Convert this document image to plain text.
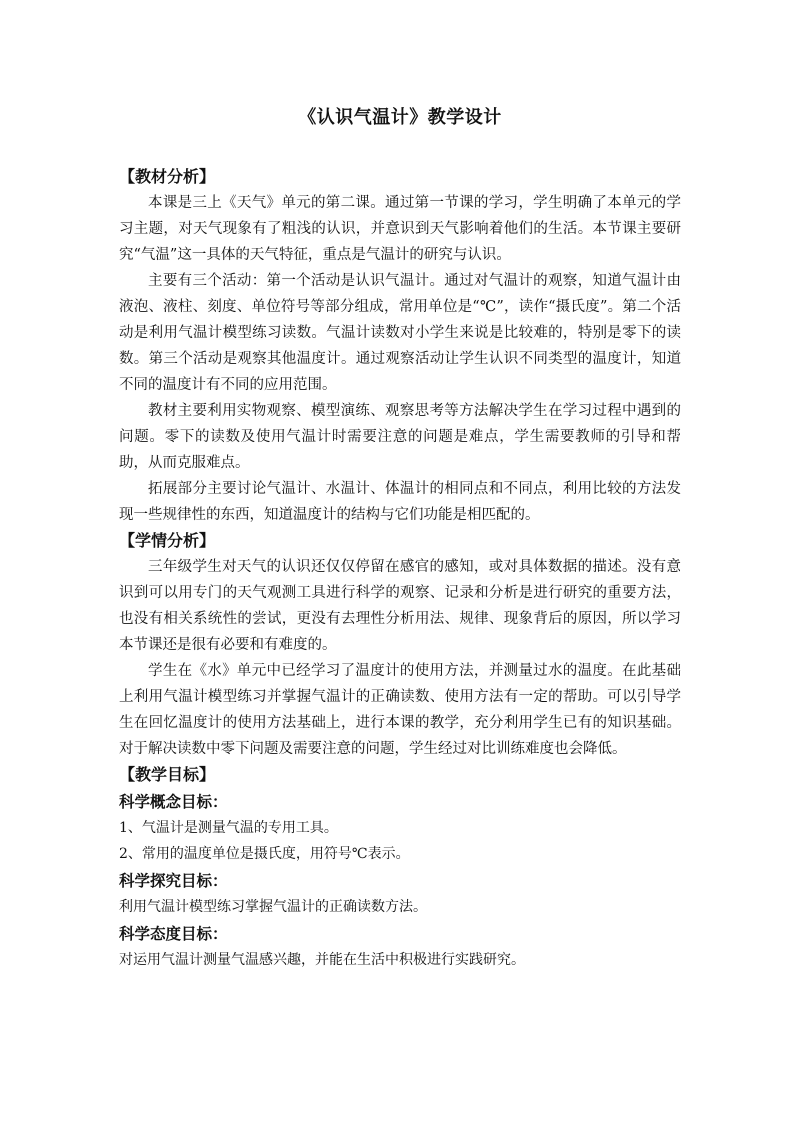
《认识气温计》教学设计
【教材分析】

本课是三上《天气》单元的第二课。通过第一节课的学习，学生明确了本单元的学习主题，对天气现象有了粗浅的认识，并意识到天气影响着他们的生活。本节课主要研究“气温”这一具体的天气特征，重点是气温计的研究与认识。

主要有三个活动：第一个活动是认识气温计。通过对气温计的观察，知道气温计由液泡、液柱、刻度、单位符号等部分组成，常用单位是“℃”，读作“摄氏度”。第二个活动是利用气温计模型练习读数。气温计读数对小学生来说是比较难的，特别是零下的读数。第三个活动是观察其他温度计。通过观察活动让学生认识不同类型的温度计，知道不同的温度计有不同的应用范围。

教材主要利用实物观察、模型演练、观察思考等方法解决学生在学习过程中遇到的问题。零下的读数及使用气温计时需要注意的问题是难点，学生需要教师的引导和帮助，从而克服难点。

拓展部分主要讨论气温计、水温计、体温计的相同点和不同点，利用比较的方法发现一些规律性的东西，知道温度计的结构与它们功能是相匹配的。

【学情分析】

三年级学生对天气的认识还仅仅停留在感官的感知，或对具体数据的描述。没有意识到可以用专门的天气观测工具进行科学的观察、记录和分析是进行研究的重要方法，也没有相关系统性的尝试，更没有去理性分析用法、规律、现象背后的原因，所以学习本节课还是很有必要和有难度的。

学生在《水》单元中已经学习了温度计的使用方法，并测量过水的温度。在此基础上利用气温计模型练习并掌握气温计的正确读数、使用方法有一定的帮助。可以引导学生在回忆温度计的使用方法基础上，进行本课的教学，充分利用学生已有的知识基础。对于解决读数中零下问题及需要注意的问题，学生经过对比训练难度也会降低。

【教学目标】
科学概念目标：

1、气温计是测量气温的专用工具。

2、常用的温度单位是摄氏度，用符号℃表示。

科学探究目标：

利用气温计模型练习掌握气温计的正确读数方法。

科学态度目标：

对运用气温计测量气温感兴趣，并能在生活中积极进行实践研究。
